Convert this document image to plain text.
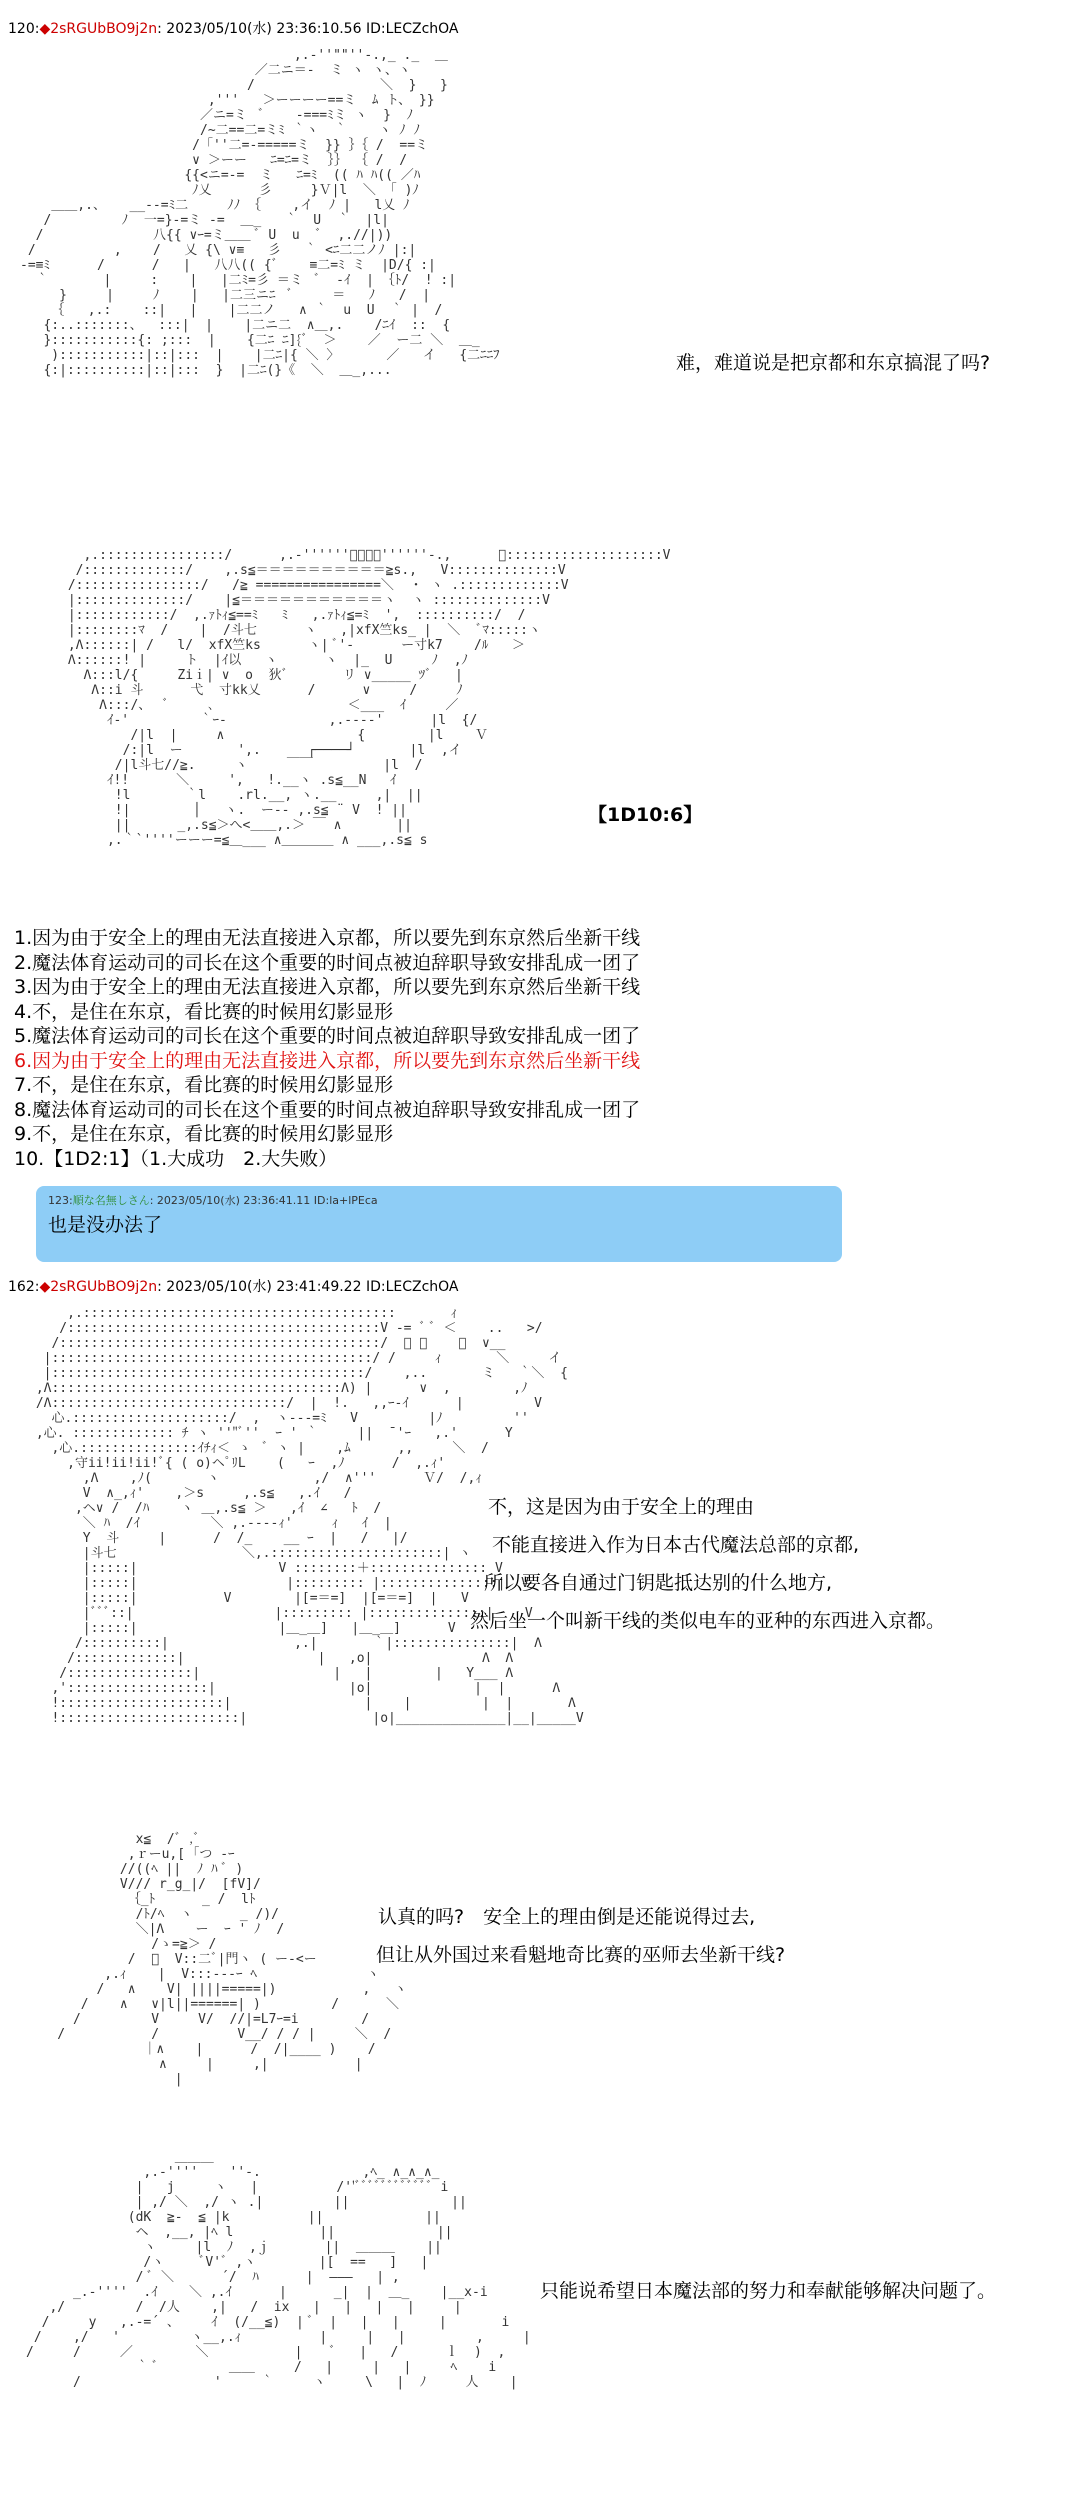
120:◆2sRGUbBO9j2n: 2023/05/10(水) 23:36:10.56 ID:LECZchOA
,.-''""''-.,_ ._  ＿
／二ニ＝-  ミ ヽ ヽ、ヽ
/                ＼  }   }
,'''   ＞ーーーー==ミ  ﾑ ト、 }}
／ニ=ミ  ﾞ    -===ﾐミ ヽ  }  ﾉ
/~二==二=ミﾐ ｀ヽ  ｀    ヽ ﾉ ﾉ
/「''二=-=====ミ  }} ｝｛ /  ==ミ
∨ ＞ーー   ﾆ=ﾆ=ミ  ｝｝ ｛ /  /
{{<ニ=-=  ミ   ﾆ=ﾐ  (( ﾊ ﾊ(( ／ﾊ
ﾉ乂      彡     }Ｖ|l  ＼ 「 )ﾉ
＿＿,.、   __--=ﾐ二     ﾉﾉ ｛    ,イ  ﾉ |   l乂 ﾉ
/         ﾉ  一=}-=ミ -=  ＿_   ｀  U  ｀  |l|
/              八{{ ∨ｰ=ミ＿＿ ﾞ U  u  ﾞ  ,.//|))
/          ,    /   乂 {\ ∨≡   彡   ｀ <ﾆ二二ノﾉ |:|
-=≡ﾐ      /      /   |   八八(( {ﾞ    ≡二=ﾐ ミ  |D/{ :|
｀       |     :    |   |二ﾐ=彡 ＝ミ  ﾞ  -ｲ  | ｛ﾄ/  ! :|
}     |     ﾉ    |   |二三ニﾆ  ﾞ     ＝   ﾉ   /  |
｛   ,.:    ::|   |    |二二ノ   ∧ ｀  u  U  ｀ |  /
{:..:::::::、  :::|  |    |二ニ二  ∧＿,.    /ﾆｲ  ::  {
}:::::::::::{: ;:::  |    {二ﾆ ﾆ]{ﾞ  ＞    ／  ー二 ＼  ＿_
):::::::::::|::|:::  |    |二ﾆ|{ ＼ 〉      ／   イ   {二ﾆﾆﾌ
{:|::::::::::|::|:::  }  |二ﾆ(}《  ＼  ＿_,...	难，难道说是把京都和东京搞混了吗?
,.::::::::::::::::/      ,.-''''''ﾞﾞﾞﾞ''''''-.,      ＼::::::::::::::::::::V
/:::::::::::::/    ,.s≦＝＝＝＝＝＝＝＝＝＝≧s.,   V::::::::::::::V
/::::::::::::::::/   /≧ ================＼  ・ ヽ .:::::::::::::V
|::::::::::::::/    |≦＝＝＝＝＝＝＝＝＝＝＝ヽ  ヽ ::::::::::::::V
|::::::::::::/  ,.ｧﾄｨ≦==ﾐ   ﾐ   ,.ｧﾄｨ≦=ﾐ  ',  ::::::::::/  /
|::::::::ﾏ  /    |  /斗七      ヽ   ,|xfX竺ks_ |  ＼  ﾞﾏ:::::ヽ
,Λ::::::| /   l/  xfX竺ks      ヽ| ﾞ'-      ー寸k7    /ﾙ   ＞
Λ::::::! |     ト  |ｲ以   ヽ      ヽ  |_  U     ﾉ  ,ﾉ
Λ:::l/{     Ziｉ| ∨  o  狄ﾞ       リ ∨_____ ﾂﾞ   |
Λ::i 斗      弋  寸kk乂      /      ∨     /     ﾉ
Λ:::/、  ﾞ     ､                 ＜___  ｲ     ／
ｲ-'         ｀ｰ-             ,.----'      |l  {/
/|l  |     ∧                 {        |l    Ｖ
/:|l  ー       ',.      ┌────┘       |l  ,イ
/|l斗七//≧.     ヽ     ￣￣         |l  /
ｲ!!      ＼     ',   !.__ヽ .s≦__N   ｲ
!l       ｀l    .rl.__, ヽ.__     ,|  ||
!|        │   ヽ.  ー-- ,.s≦ ¨ V  ! ||
||      _,.s≦＞へ<＿＿,.＞ ￣ ∧       ||
,.｀`''''ーーー=≦＿___ ∧＿＿＿＿ ∧ ___,.s≦ s
【1D10:6】
1.因为由于安全上的理由无法直接进入京都，所以要先到东京然后坐新干线
2.魔法体育运动司的司长在这个重要的时间点被迫辞职导致安排乱成一团了
3.因为由于安全上的理由无法直接进入京都，所以要先到东京然后坐新干线
4.不，是住在东京，看比赛的时候用幻影显形
5.魔法体育运动司的司长在这个重要的时间点被迫辞职导致安排乱成一团了
6.因为由于安全上的理由无法直接进入京都，所以要先到东京然后坐新干线
7.不，是住在东京，看比赛的时候用幻影显形
8.魔法体育运动司的司长在这个重要的时间点被迫辞职导致安排乱成一团了
9.不，是住在东京，看比赛的时候用幻影显形
10.【1D2:1】（1.大成功　2.大失败）
123:順な名無しさん: 2023/05/10(水) 23:36:41.11 ID:la+lPEca
也是没办法了
162:◆2sRGUbBO9j2n: 2023/05/10(水) 23:41:49.22 ID:LECZchOA
,.::::::::::::::::::::::::::::::::::::::::       ｨ
/::::::::::::::::::::::::::::::::::::::::V -= ﾞ ﾞ ＜    ..   >/
/:::::::::::::::::::::::::::::::::::::::::/  ﾞ ＞    ｀  ∨__
|:::::::::::::::::::::::::::::::::::::::::/ /     ｨ       ＼     イ
|::::::::::::::::::::::::::::::::::::::::/    ,..       ミ   ｀＼  {
,Λ:::::::::::::::::::::::::::::::::::::Λ) |      ∨  ,        ,ﾉ
/Λ::::::::::::::::::::::::::::::/  |  !.   ,,ｰ‐ｲ      |         V
心.::::::::::::::::::::/  ,  ヽ---=ﾐ   V         |ﾉ         ''
,心. ::::::::::::: ﾁ ヽ ''"ﾞ''  ｰ ' ｀     ||  ¯'ｰ   ,.'      Y
,心.:::::::::::::::ｲﾁｨ＜ ゝ  ﾞ ヽ |    ,ﾑ      ,,     ＼  /
,守ii!ii!ii!ﾞ{ ( o)ヘﾟﾘL    (   ｰ  ,ﾉ      /  ,.ｨ'
,Λ    ,ﾉ(       ヽ            ,/  ∧'''      Ｖ/  /,ｨ
V  ∧_,ｨ'    ,＞s     ,.s≦   ,.ｲ   /
,ヘ∨ /  /ﾊ    ヽ ＿,.s≦ ＞   ,ｲ  ∠   ﾄ  /
＼ ﾊ  /ｲ         ＼ ,.----ｨ'     ｨ   ｲ  |
Y  斗     |      /  /_    __ ｰ  |   /   |/
|斗七                ＼,.::::::::::::::::::::::| ヽ
|:::::|                  V ::::::::＋::::::::::::::: V
|:::::|                   |::::::::: |:::::::::::::::|  V
|:::::|           V        |[=＝=]  |[=＝=]  |   V
|ﾞﾞﾞ::|                  |::::::::: |:::::::::::::::|    V
|:::::|                  |＿_＿]   |＿_＿]      V
/::::::::::|                ,.|       ｀|:::::::::::::::|  Λ
/:::::::::::::|                 |   ,o|              Λ  Λ
/::::::::::::::::|                 |   |        |   Y___ Λ
,'::::::::::::::::::|                 |o|             |  |      Λ
!:::::::::::::::::::::|                 |    |         |  |       Λ
!:::::::::::::::::::::::|                |o|______________|__|_____V
不，这是因为由于安全上的理由
不能直接进入作为日本古代魔法总部的京都,
所以要各自通过门钥匙抵达别的什么地方,
然后坐一个叫新干线的类似电车的亚种的东西进入京都。
x≦  /ﾞ ,ﾞ
,ｒーu,[ ｢つ ‐ｰ
//((ﾍ ||  ﾉ ﾊ ﾞ )
V/// r_g_|/  [fV]/
｛_ﾄ      _ /  lﾄ
/ﾄ/ﾍ  ヽ      _ /)/
＼|Λ    ー  ｰ ' ﾉ  /
/ゝ=≧＞ /
/  ﾞ  V::二ﾞ|門ヽ ( ー‐<ー
,.ｨ    |  V:::‐--ｰ ﾍ              ヽ
/   ∧    V| ||||=====|)           ,   ヽ
/    ∧   ∨|l||======| )         /      ＼
/         V     V/  //|=L7ｰ=i        /
/           /          V__/ / / |     ＼  /
｜∧    |      /  /|____ )    /
∧     |     ,|           |
|
认真的吗?　安全上的理由倒是还能说得过去,
但让从外国过来看魁地奇比赛的巫师去坐新干线?
＿＿＿
,.-''''    ''-.             ,ﾍ_ ∧_∧_∧_
|   j     ヽ   |          /''ﾞﾞﾞﾞﾞﾞﾞﾞﾞﾞﾞﾞ i
| ,/ ＼  ,/ ヽ .|         ||             ||
(dK  ≧-  ≦ |k          ||             ||
ヘ  ,__, |ﾍ l           ||             ||
ヽ     |l  ﾉ  ,ｊ       ||  ＿＿＿    ||
/ヽ     ﾞV'ﾞ ,ヽ        |[  ==   ]   |
/ ﾞ ＼      ´/  ﾊ      |  ―――   | ,
_.-''''  .ｲ    ＼ ,.ｲ      |      _|  |  ＿_    |__x-i
,/         /  /人    ,|   /  ix   |   |   |   |     |
/     y   ,.-=´ 、    ｲ  (/__≦)  | ﾞ  |   |   |     |       i
/    ,/   '         ヽ__,.ｨ          |     |   |         ,     |
/     /     ／        ＼           |    ﾞ   |   /      ｌ  )  ,
｀ ﾞ         ＿＿     /   |     |   |     ﾍ    i
/                 '     ｀     ヽ     \   |  ﾉ     人    |
只能说希望日本魔法部的努力和奉献能够解决问题了。
